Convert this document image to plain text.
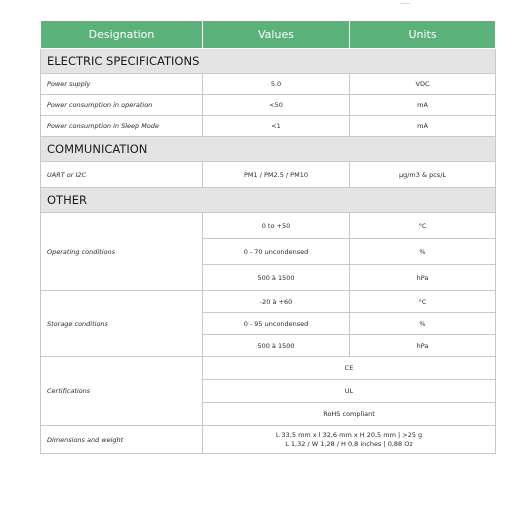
Designation	Values	Units
ELECTRIC SPECIFICATIONS		
Power supply	5.0	VDC
Power consumption in operation	<50	mA
Power consumption in Sleep Mode	<1	mA
COMMUNICATION		
UART or I2C	PM1 / PM2.5 / PM10	µg/m3 & pcs/L
OTHER		
Operating conditions	0 to +50	°C
	0 - 70 uncondensed	%
	500 à 1500	hPa
Storage conditions	-20 à +60	°C
	0 - 95 uncondensed	%
	500 à 1500	hPa
Certifications	CE	
	UL	
	RoHS compliant	
Dimensions and weight	L 33,5 mm x l 32,6 mm x H 20,5 mm | >25 g
L 1,32 / W 1,28 / H 0,8 inches | 0,88 Oz	
